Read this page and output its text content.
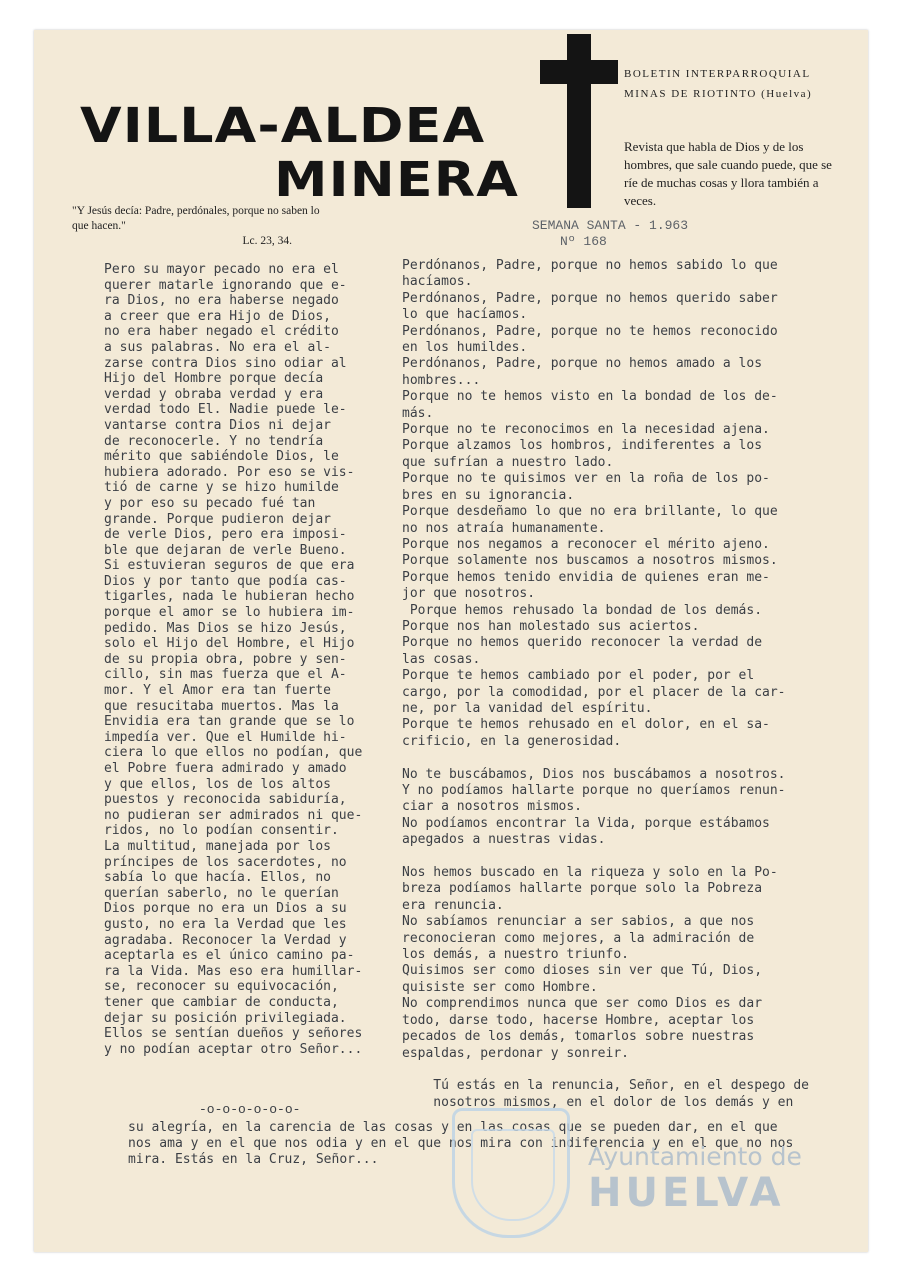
VILLA-ALDEA
MINERA
BOLETIN INTERPARROQUIAL
MINAS DE RIOTINTO (Huelva)
Revista que habla de Dios y de los hombres, que sale cuando puede, que se ríe de muchas cosas y llora también a veces.
"Y Jesús decía: Padre, perdónales, porque no saben lo que hacen."
Lc. 23, 34.
SEMANA SANTA - 1.963
Nº 168
Pero su mayor pecado no era el
querer matarle ignorando que e-
ra Dios, no era haberse negado
a creer que era Hijo de Dios,
no era haber negado el crédito
a sus palabras. No era el al-
zarse contra Dios sino odiar al
Hijo del Hombre porque decía
verdad y obraba verdad y era
verdad todo El. Nadie puede le-
vantarse contra Dios ni dejar
de reconocerle. Y no tendría
mérito que sabiéndole Dios, le
hubiera adorado. Por eso se vis-
tió de carne y se hizo humilde
y por eso su pecado fué tan
grande. Porque pudieron dejar
de verle Dios, pero era imposi-
ble que dejaran de verle Bueno.
Si estuvieran seguros de que era
Dios y por tanto que podía cas-
tigarles, nada le hubieran hecho
porque el amor se lo hubiera im-
pedido. Mas Dios se hizo Jesús,
solo el Hijo del Hombre, el Hijo
de su propia obra, pobre y sen-
cillo, sin mas fuerza que el A-
mor. Y el Amor era tan fuerte
que resucitaba muertos. Mas la
Envidia era tan grande que se lo
impedía ver. Que el Humilde hi-
ciera lo que ellos no podían, que
el Pobre fuera admirado y amado
y que ellos, los de los altos
puestos y reconocida sabiduría,
no pudieran ser admirados ni que-
ridos, no lo podían consentir.
La multitud, manejada por los
príncipes de los sacerdotes, no
sabía lo que hacía. Ellos, no
querían saberlo, no le querían
Dios porque no era un Dios a su
gusto, no era la Verdad que les
agradaba. Reconocer la Verdad y
aceptarla es el único camino pa-
ra la Vida. Mas eso era humillar-
se, reconocer su equivocación,
tener que cambiar de conducta,
dejar su posición privilegiada.
Ellos se sentían dueños y señores
y no podían aceptar otro Señor...
Perdónanos, Padre, porque no hemos sabido lo que
hacíamos.
Perdónanos, Padre, porque no hemos querido saber
lo que hacíamos.
Perdónanos, Padre, porque no te hemos reconocido
en los humildes.
Perdónanos, Padre, porque no hemos amado a los
hombres...
Porque no te hemos visto en la bondad de los de-
más.
Porque no te reconocimos en la necesidad ajena.
Porque alzamos los hombros, indiferentes a los
que sufrían a nuestro lado.
Porque no te quisimos ver en la roña de los po-
bres en su ignorancia.
Porque desdeñamo lo que no era brillante, lo que
no nos atraía humanamente.
Porque nos negamos a reconocer el mérito ajeno.
Porque solamente nos buscamos a nosotros mismos.
Porque hemos tenido envidia de quienes eran me-
jor que nosotros.
Porque hemos rehusado la bondad de los demás.
Porque nos han molestado sus aciertos.
Porque no hemos querido reconocer la verdad de
las cosas.
Porque te hemos cambiado por el poder, por el
cargo, por la comodidad, por el placer de la car-
ne, por la vanidad del espíritu.
Porque te hemos rehusado en el dolor, en el sa-
crificio, en la generosidad.

No te buscábamos, Dios nos buscábamos a nosotros.
Y no podíamos hallarte porque no queríamos renun-
ciar a nosotros mismos.
No podíamos encontrar la Vida, porque estábamos
apegados a nuestras vidas.

Nos hemos buscado en la riqueza y solo en la Po-
breza podíamos hallarte porque solo la Pobreza
era renuncia.
No sabíamos renunciar a ser sabios, a que nos
reconocieran como mejores, a la admiración de
los demás, a nuestro triunfo.
Quisimos ser como dioses sin ver que Tú, Dios,
quisiste ser como Hombre.
No comprendimos nunca que ser como Dios es dar
todo, darse todo, hacerse Hombre, aceptar los
pecados de los demás, tomarlos sobre nuestras
espaldas, perdonar y sonreir.

Tú estás en la renuncia, Señor, en el despego de
nosotros mismos, en el dolor de los demás y en
-o-o-o-o-o-o-
su alegría, en la carencia de las cosas y en las cosas que se pueden dar, en el que
nos ama y en el que nos odia y en el que nos mira con indiferencia y en el que no nos
mira. Estás en la Cruz, Señor...	Ayuntamiento de
HUELVA
